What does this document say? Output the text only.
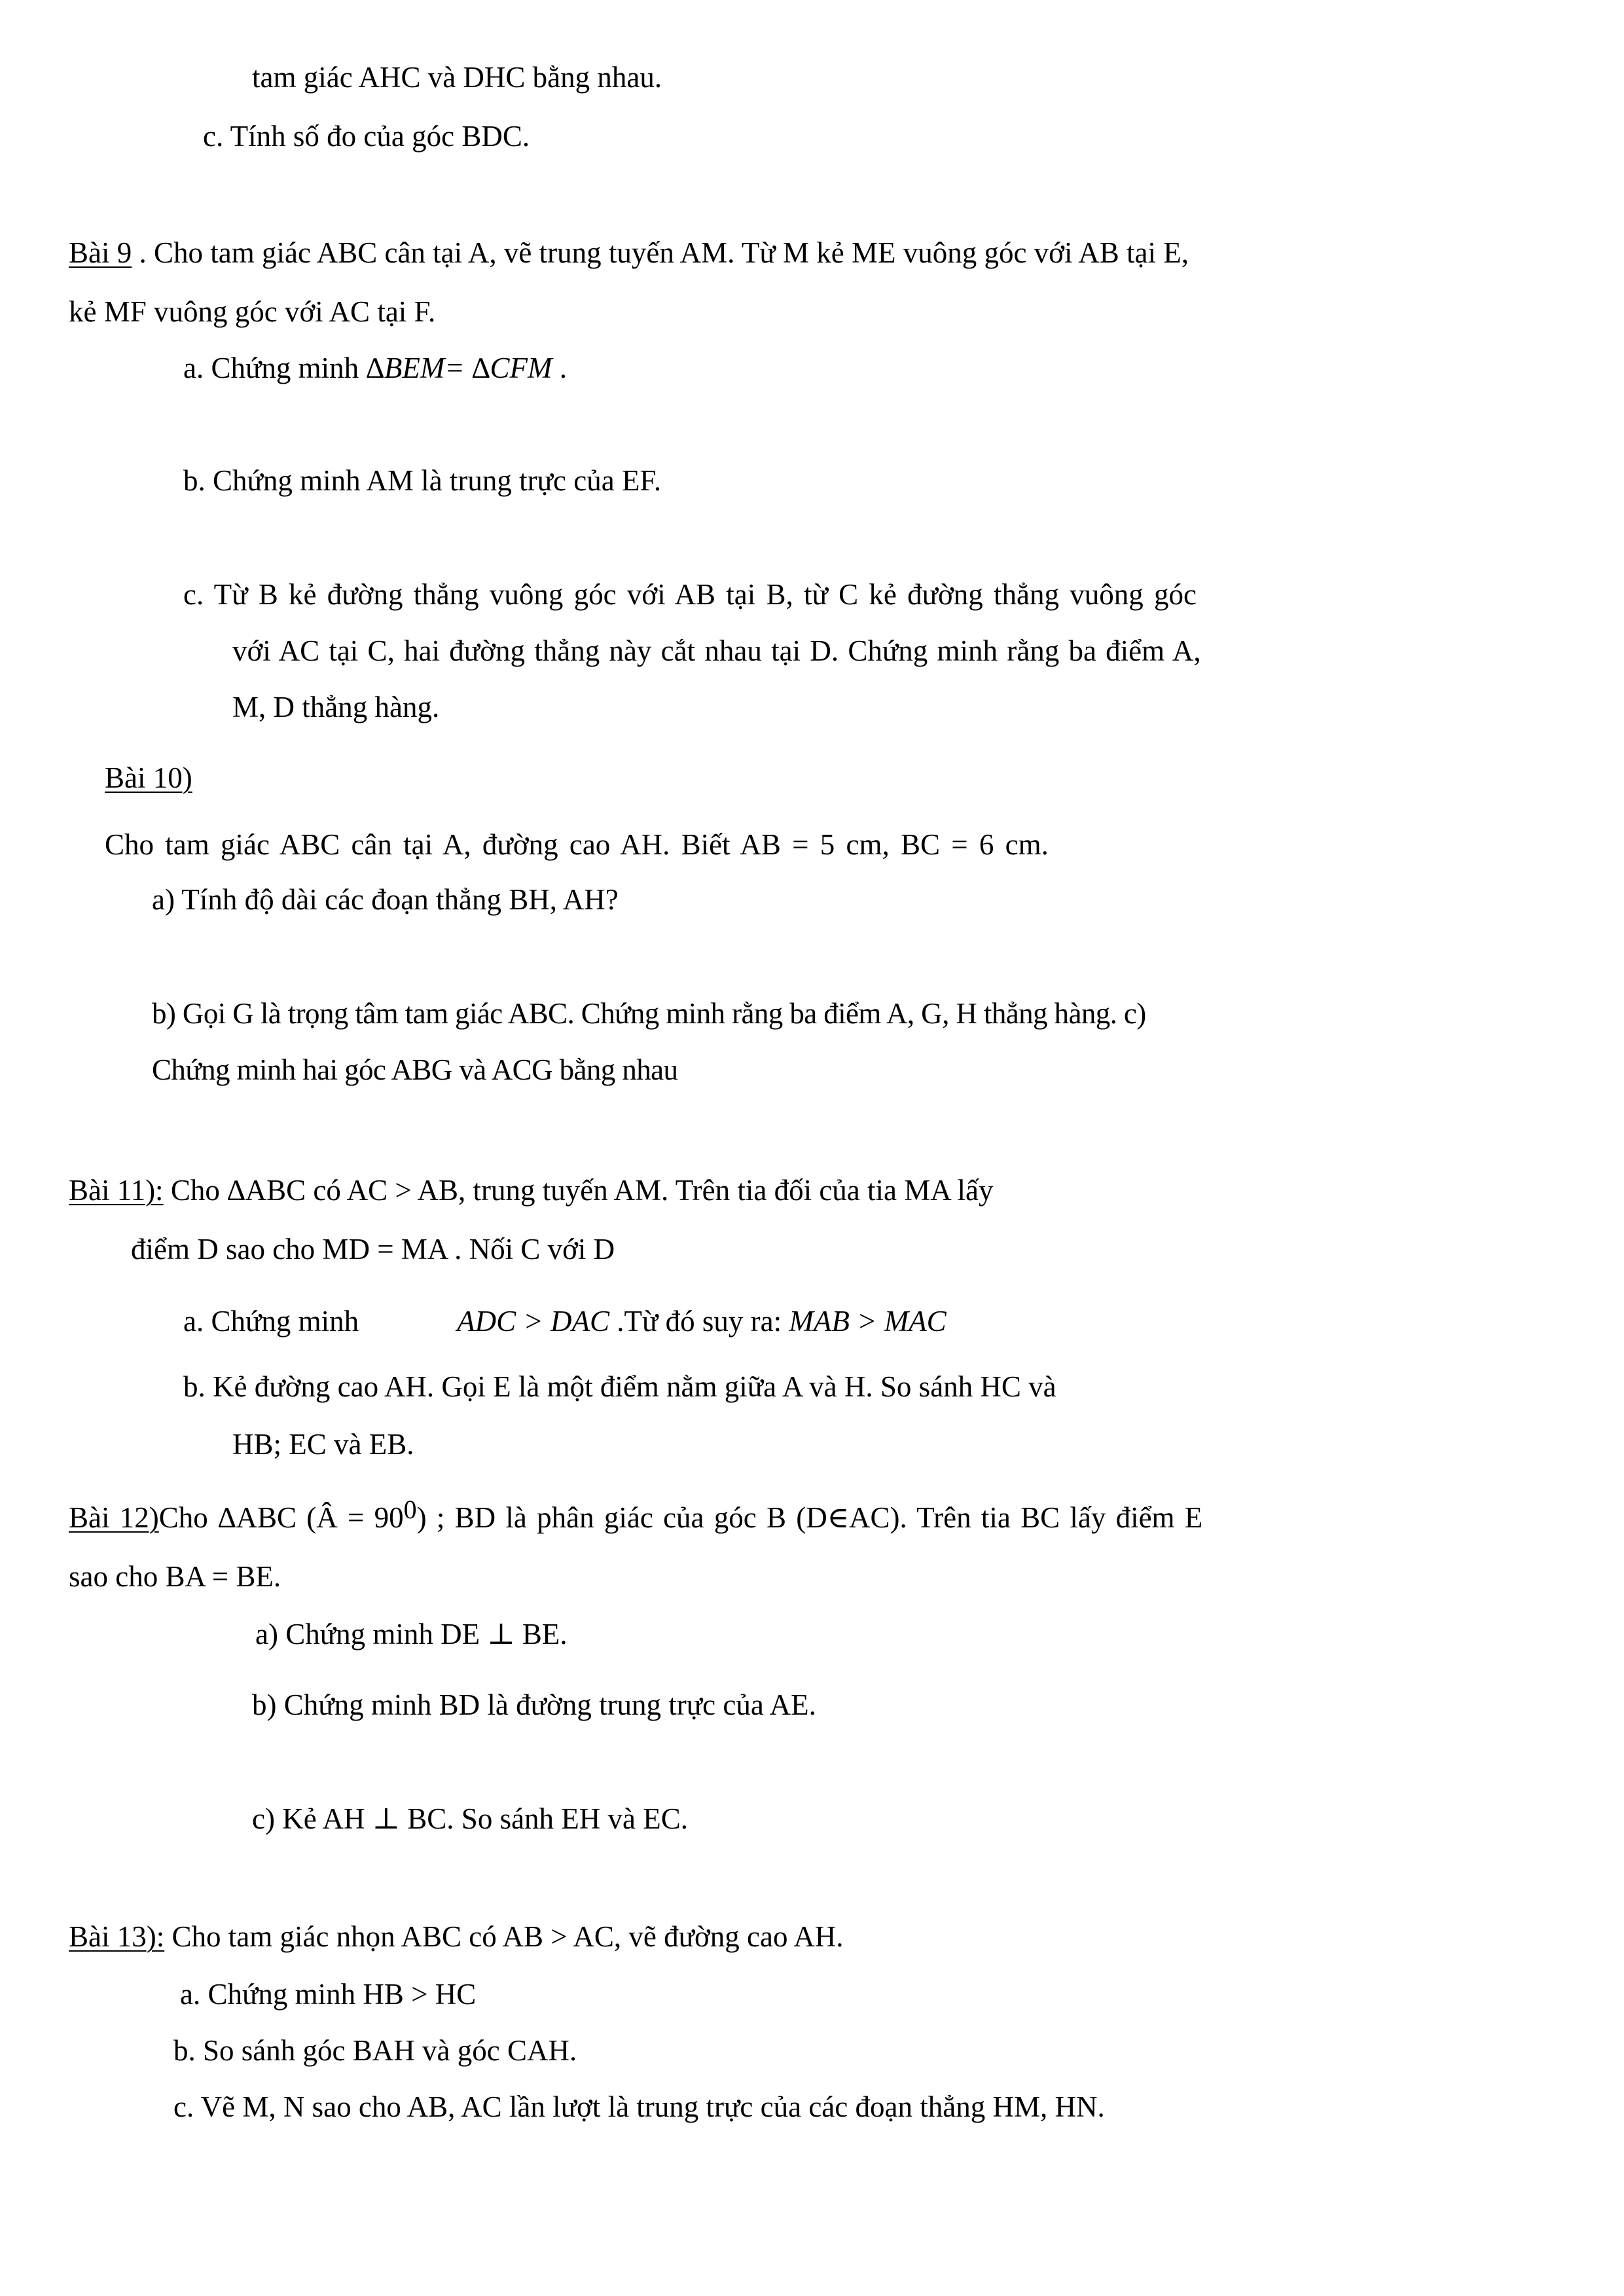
tam giác AHC và DHC bằng nhau.
c. Tính số đo của góc BDC.
Bài 9 . Cho tam giác ABC cân tại A, vẽ trung tuyến AM. Từ M kẻ ME vuông góc với AB tại E,
kẻ MF vuông góc với AC tại F.
a. Chứng minh ∆BEM= ∆CFM .
b. Chứng minh AM là trung trực của EF.
c. Từ B kẻ đường thẳng vuông góc với AB tại B, từ C kẻ đường thẳng vuông góc
với AC tại C, hai đường thẳng này cắt nhau tại D. Chứng minh rằng ba điểm A,
M, D thẳng hàng.
Bài 10)
Cho tam giác ABC cân tại A, đường cao AH. Biết AB = 5 cm, BC = 6 cm.
a) Tính độ dài các đoạn thẳng BH, AH?
b) Gọi G là trọng tâm tam giác ABC. Chứng minh rằng ba điểm A, G, H thẳng hàng. c)
Chứng minh hai góc ABG và ACG bằng nhau
Bài 11): Cho ∆ABC có AC > AB, trung tuyến AM. Trên tia đối của tia MA lấy
điểm D sao cho MD = MA . Nối C với D
a. Chứng minh	ADC > DAC .Từ đó suy ra: MAB > MAC
b. Kẻ đường cao AH. Gọi E là một điểm nằm giữa A và H. So sánh HC và
HB; EC và EB.
Bài 12)Cho ∆ABC (Â = 900) ; BD là phân giác của góc B (D∈AC). Trên tia BC lấy điểm E
sao cho BA = BE.
a) Chứng minh DE ⊥ BE.
b) Chứng minh BD là đường trung trực của AE.
c) Kẻ AH ⊥ BC. So sánh EH và EC.
Bài 13): Cho tam giác nhọn ABC có AB > AC, vẽ đường cao AH.
a. Chứng minh HB > HC
b. So sánh góc BAH và góc CAH.
c. Vẽ M, N sao cho AB, AC lần lượt là trung trực của các đoạn thẳng HM, HN.
